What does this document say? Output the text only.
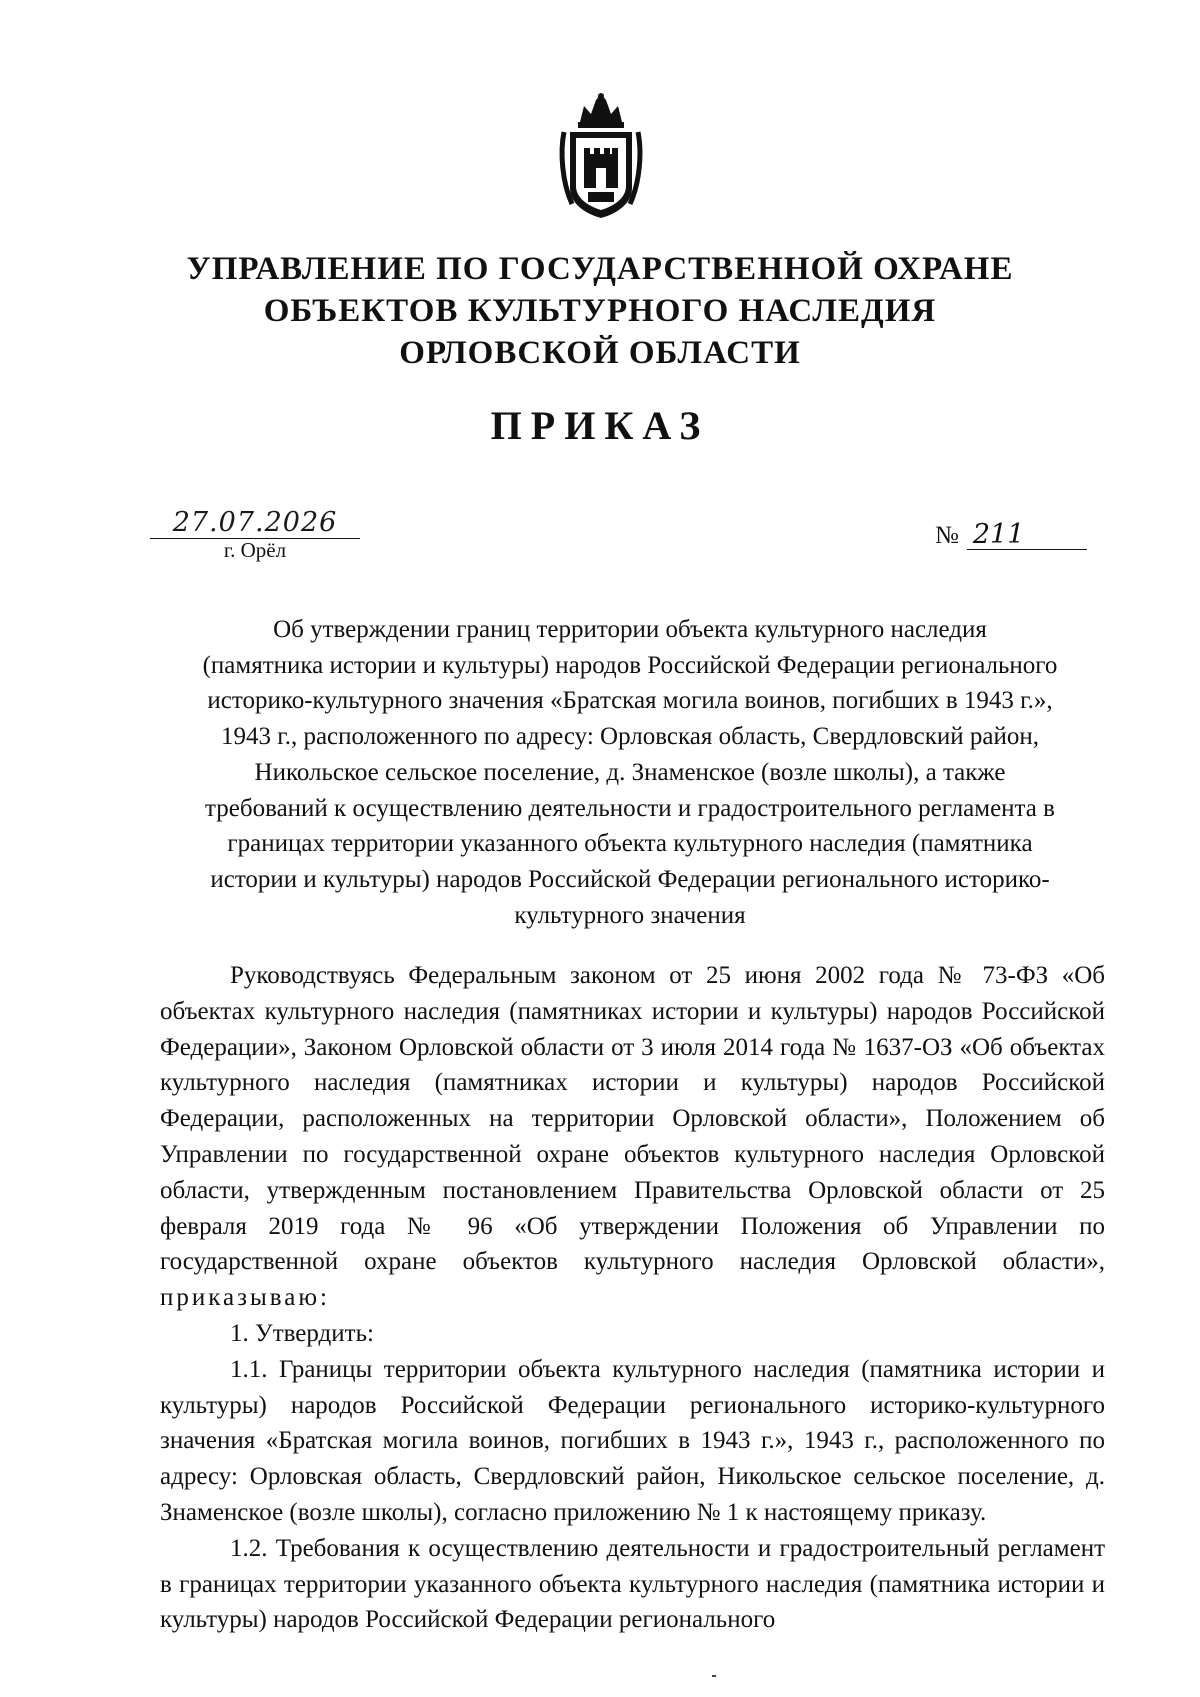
УПРАВЛЕНИЕ ПО ГОСУДАРСТВЕННОЙ ОХРАНЕ
ОБЪЕКТОВ КУЛЬТУРНОГО НАСЛЕДИЯ
ОРЛОВСКОЙ ОБЛАСТИ
ПРИКАЗ
27.07.2026
г. Орёл
№ 211

Об утверждении границ территории объекта культурного наследия
(памятника истории и культуры) народов Российской Федерации регионального
историко-культурного значения «Братская могила воинов, погибших в 1943 г.»,
1943 г., расположенного по адресу: Орловская область, Свердловский район,
Никольское сельское поселение, д. Знаменское (возле школы), а также
требований к осуществлению деятельности и градостроительного регламента в
границах территории указанного объекта культурного наследия (памятника
истории и культуры) народов Российской Федерации регионального историко-
культурного значения

Руководствуясь Федеральным законом от 25 июня 2002 года № 73-ФЗ «Об объектах культурного наследия (памятниках истории и культуры) народов Российской Федерации», Законом Орловской области от 3 июля 2014 года № 1637-ОЗ «Об объектах культурного наследия (памятниках истории и культуры) народов Российской Федерации, расположенных на территории Орловской области», Положением об Управлении по государственной охране объектов культурного наследия Орловской области, утвержденным постановлением Правительства Орловской области от 25 февраля 2019 года № 96 «Об утверждении Положения об Управлении по государственной охране объектов культурного наследия Орловской области», приказываю:

1. Утвердить:

1.1. Границы территории объекта культурного наследия (памятника истории и культуры) народов Российской Федерации регионального историко-культурного значения «Братская могила воинов, погибших в 1943 г.», 1943 г., расположенного по адресу: Орловская область, Свердловский район, Никольское сельское поселение, д. Знаменское (возле школы), согласно приложению № 1 к настоящему приказу.

1.2. Требования к осуществлению деятельности и градостроительный регламент в границах территории указанного объекта культурного наследия (памятника истории и культуры) народов Российской Федерации регионального
